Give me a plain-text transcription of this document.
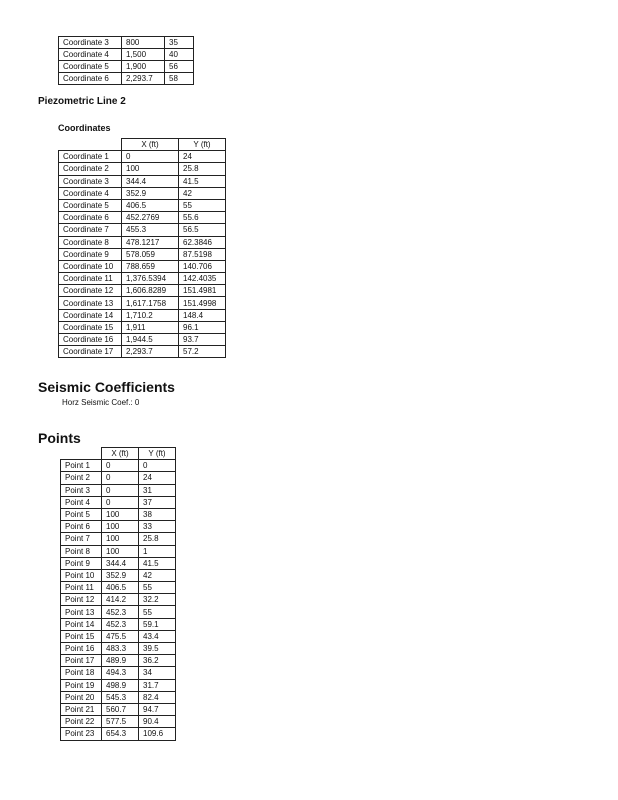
Coordinate 3	800	35
Coordinate 4	1,500	40
Coordinate 5	1,900	56
Coordinate 6	2,293.7	58
Piezometric Line 2
Coordinates
	X (ft)	Y (ft)
Coordinate 1	0	24
Coordinate 2	100	25.8
Coordinate 3	344.4	41.5
Coordinate 4	352.9	42
Coordinate 5	406.5	55
Coordinate 6	452.2769	55.6
Coordinate 7	455.3	56.5
Coordinate 8	478.1217	62.3846
Coordinate 9	578.059	87.5198
Coordinate 10	788.659	140.706
Coordinate 11	1,376.5394	142.4035
Coordinate 12	1,606.8289	151.4981
Coordinate 13	1,617.1758	151.4998
Coordinate 14	1,710.2	148.4
Coordinate 15	1,911	96.1
Coordinate 16	1,944.5	93.7
Coordinate 17	2,293.7	57.2
Seismic Coefficients
Horz Seismic Coef.: 0
Points
	X (ft)	Y (ft)
Point 1	0	0
Point 2	0	24
Point 3	0	31
Point 4	0	37
Point 5	100	38
Point 6	100	33
Point 7	100	25.8
Point 8	100	1
Point 9	344.4	41.5
Point 10	352.9	42
Point 11	406.5	55
Point 12	414.2	32.2
Point 13	452.3	55
Point 14	452.3	59.1
Point 15	475.5	43.4
Point 16	483.3	39.5
Point 17	489.9	36.2
Point 18	494.3	34
Point 19	498.9	31.7
Point 20	545.3	82.4
Point 21	560.7	94.7
Point 22	577.5	90.4
Point 23	654.3	109.6
